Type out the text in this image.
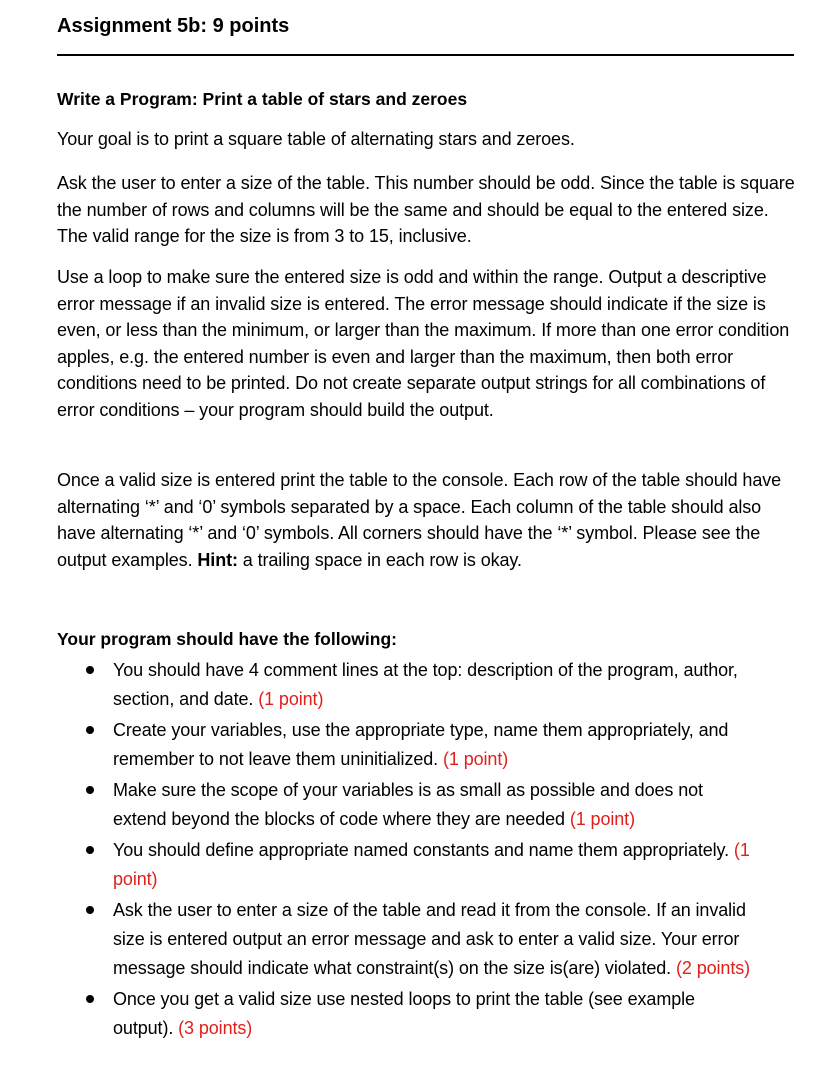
Assignment 5b: 9 points
Write a Program: Print a table of stars and zeroes

Your goal is to print a square table of alternating stars and zeroes.

Ask the user to enter a size of the table. This number should be odd. Since the table is square the number of rows and columns will be the same and should be equal to the entered size. The valid range for the size is from 3 to 15, inclusive.

Use a loop to make sure the entered size is odd and within the range. Output a descriptive error message if an invalid size is entered. The error message should indicate if the size is even, or less than the minimum, or larger than the maximum. If more than one error condition apples, e.g. the entered number is even and larger than the maximum, then both error conditions need to be printed. Do not create separate output strings for all combinations of error conditions – your program should build the output.

Once a valid size is entered print the table to the console. Each row of the table should have alternating ‘*’ and ‘0’ symbols separated by a space. Each column of the table should also have alternating ‘*’ and ‘0’ symbols. All corners should have the ‘*’ symbol. Please see the output examples. Hint: a trailing space in each row is okay.

Your program should have the following:
You should have 4 comment lines at the top: description of the program, author, section, and date. (1 point)
Create your variables, use the appropriate type, name them appropriately, and remember to not leave them uninitialized. (1 point)
Make sure the scope of your variables is as small as possible and does not extend beyond the blocks of code where they are needed (1 point)
You should define appropriate named constants and name them appropriately. (1 point)
Ask the user to enter a size of the table and read it from the console. If an invalid size is entered output an error message and ask to enter a valid size. Your error message should indicate what constraint(s) on the size is(are) violated. (2 points)
Once you get a valid size use nested loops to print the table (see example output). (3 points)
